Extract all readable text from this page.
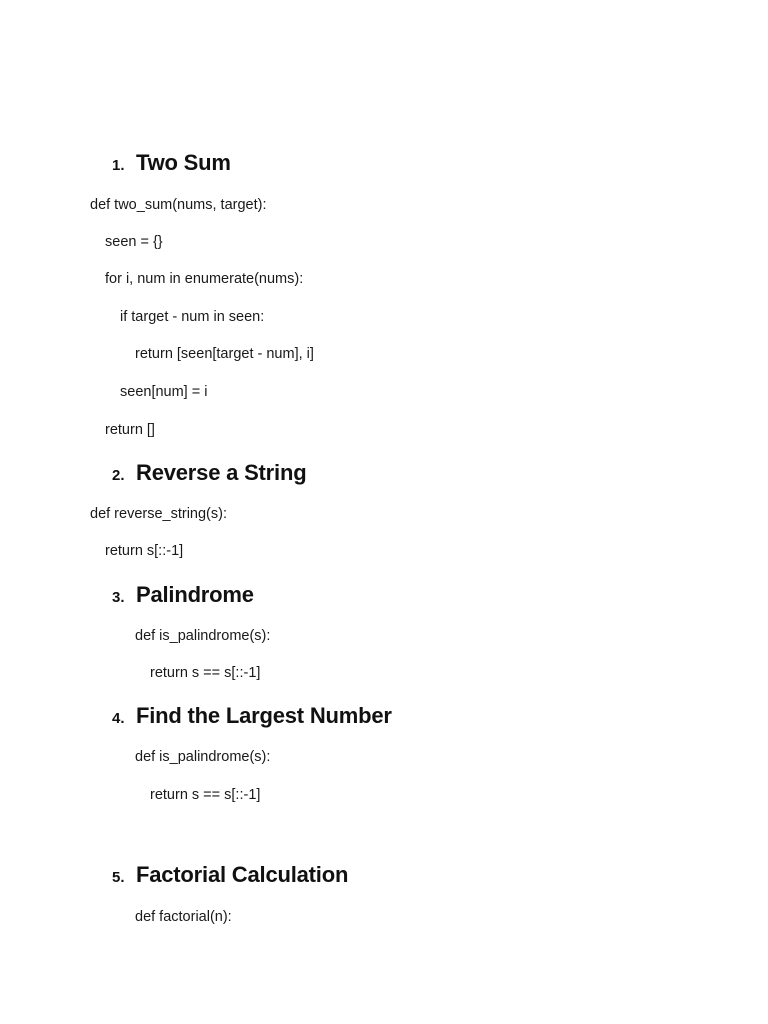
1. Two Sum
def two_sum(nums, target):
seen = {}
for i, num in enumerate(nums):
if target - num in seen:
return [seen[target - num], i]
seen[num] = i
return []
2. Reverse a String
def reverse_string(s):
return s[::-1]
3. Palindrome
def is_palindrome(s):
return s == s[::-1]
4. Find the Largest Number
def is_palindrome(s):
return s == s[::-1]
5. Factorial Calculation
def factorial(n):
